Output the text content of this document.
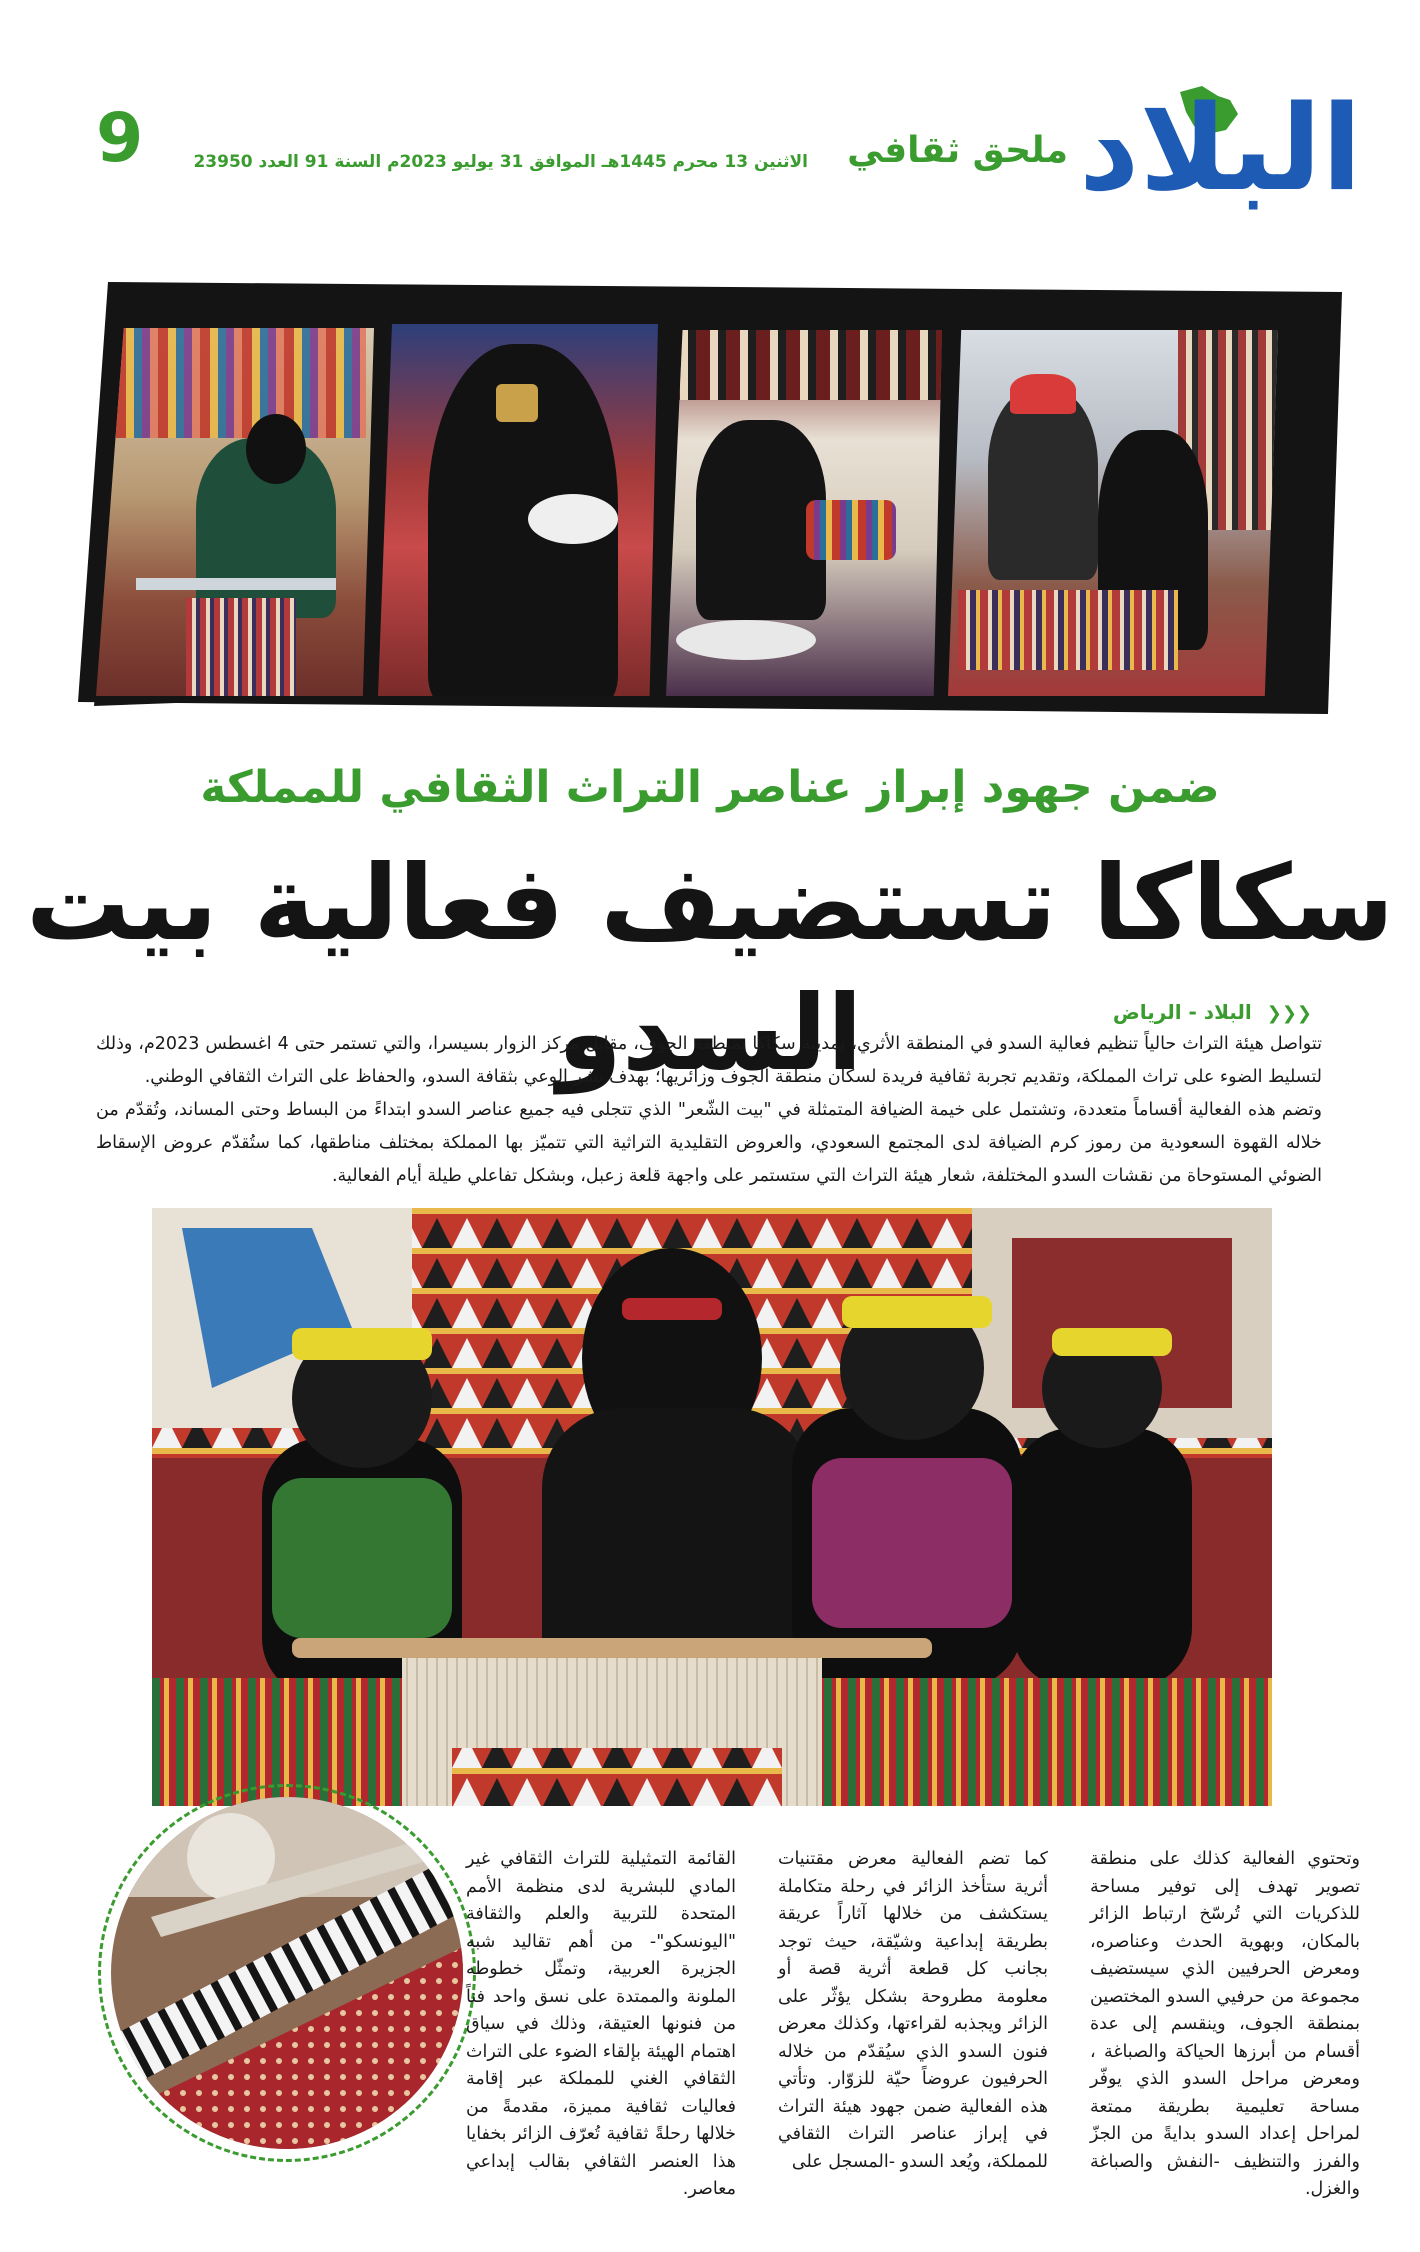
البلاد
ملحق ثقافي
الاثنين 13 محرم 1445هـ الموافق 31 يوليو 2023م السنة 91 العدد 23950
9
ضمن جهود إبراز عناصر التراث الثقافي للمملكة
سكاكا تستضيف فعالية بيت السدو	❮❮❮ البلاد - الرياض

تتواصل هيئة التراث حالياً تنظيم فعالية السدو في المنطقة الأثري، بمدينة سكاكا بمنطقة الجوف، مقابل مركز الزوار بسيسرا، والتي تستمر حتى 4 اغسطس 2023م، وذلك لتسليط الضوء على تراث المملكة، وتقديم تجربة ثقافية فريدة لسكان منطقة الجوف وزائريها؛ بهدف نشر الوعي بثقافة السدو، والحفاظ على التراث الثقافي الوطني.

وتضم هذه الفعالية أقساماً متعددة، وتشتمل على خيمة الضيافة المتمثلة في "بيت الشّعر" الذي تتجلى فيه جميع عناصر السدو ابتداءً من البساط وحتى المساند، وتُقدّم من خلاله القهوة السعودية من رموز كرم الضيافة لدى المجتمع السعودي، والعروض التقليدية التراثية التي تتميّز بها المملكة بمختلف مناطقها، كما ستُقدّم عروض الإسقاط الضوئي المستوحاة من نقشات السدو المختلفة، شعار هيئة التراث التي ستستمر على واجهة قلعة زعبل، وبشكل تفاعلي طيلة أيام الفعالية.

وتحتوي الفعالية كذلك على منطقة تصوير تهدف إلى توفير مساحة للذكريات التي تُرسّخ ارتباط الزائر بالمكان، وبهوية الحدث وعناصره، ومعرض الحرفيين الذي سيستضيف مجموعة من حرفيي السدو المختصين بمنطقة الجوف، وينقسم إلى عدة أقسام من أبرزها الحياكة والصباغة ، ومعرض مراحل السدو الذي يوفّر مساحة تعليمية بطريقة ممتعة لمراحل إعداد السدو بدايةً من الجزّ والفرز والتنظيف -النفش والصباغة والغزل.
كما تضم الفعالية معرض مقتنيات أثرية ستأخذ الزائر في رحلة متكاملة يستكشف من خلالها آثاراً عريقة بطريقة إبداعية وشيّقة، حيث توجد بجانب كل قطعة أثرية قصة أو معلومة مطروحة بشكل يؤثّر على الزائر ويجذبه لقراءتها، وكذلك معرض فنون السدو الذي سيُقدّم من خلاله الحرفيون عروضاً حيّة للزوّار. وتأتي هذه الفعالية ضمن جهود هيئة التراث في إبراز عناصر التراث الثقافي للمملكة، ويُعد السدو -المسجل على
القائمة التمثيلية للتراث الثقافي غير المادي للبشرية لدى منظمة الأمم المتحدة للتربية والعلم والثقافة "اليونسكو"- من أهم تقاليد شبه الجزيرة العربية، وتمثّل خطوطه الملونة والممتدة على نسق واحد فناً من فنونها العتيقة، وذلك في سياق اهتمام الهيئة بإلقاء الضوء على التراث الثقافي الغني للمملكة عبر إقامة فعاليات ثقافية مميزة، مقدمةً من خلالها رحلةً ثقافية تُعرّف الزائر بخفايا هذا العنصر الثقافي بقالب إبداعي معاصر.
